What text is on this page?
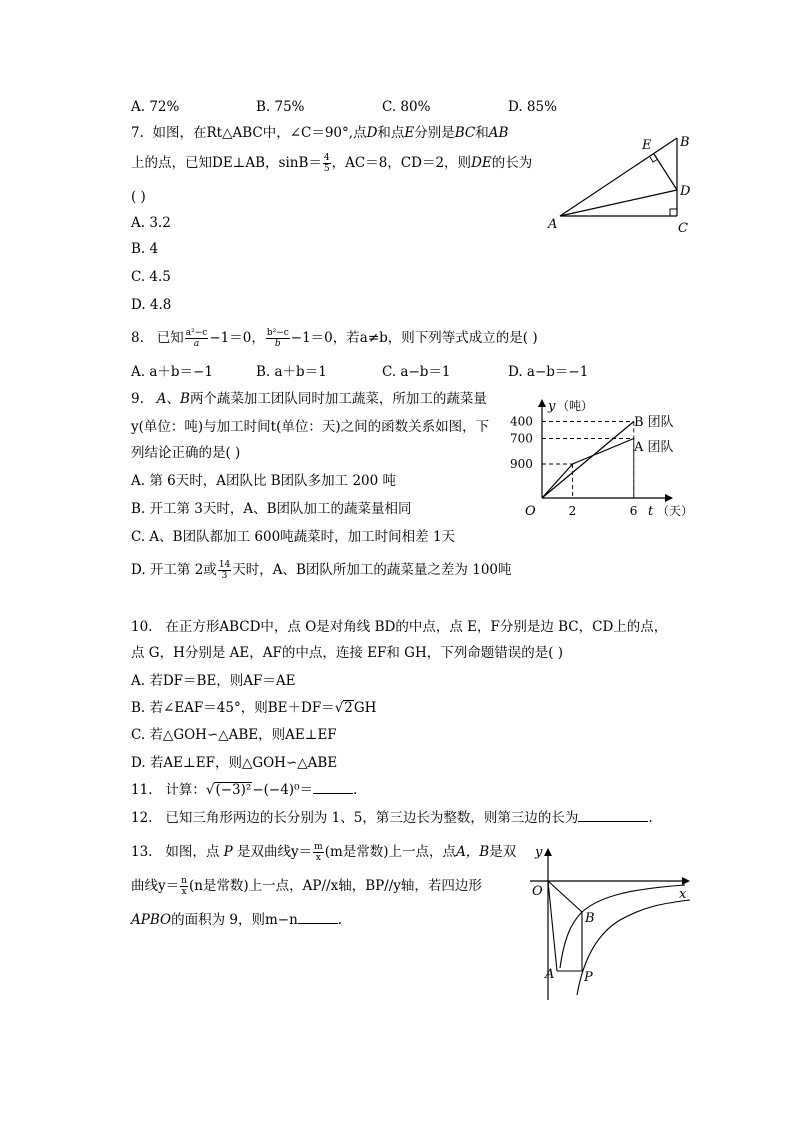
A. 72%	B. 75%	C. 80%	D. 85%
7. 如图，在Rt△ABC中，∠C＝90°,点D和点E分别是BC和AB
上的点，已知DE⊥AB，$\sin B= \frac{4}{5}$ ，AC＝8，CD＝2，则DE的长为
( )
A. 3.2
B. 4
C. 4.5
D. 4.8
A
B
C
D
E
8. 已知 $\frac{\text{a²−c}}{a} -1=0$， $\frac{\text{b²−c}}{b} -1=0$，若a≠b，则下列等式成立的是( )
A. a＋b＝−1	B. a＋b＝1	C. a−b＝1	D. a−b＝−1
9. A、B两个蔬菜加工团队同时加工蔬菜，所加工的蔬菜量
y(单位：吨)与加工时间t(单位：天)之间的函数关系如图，下
列结论正确的是( )
A. 第 6天时，A团队比 B团队多加工 200 吨
B. 开工第 3天时，A、B团队加工的蔬菜量相同
C. A、B团队都加工 600吨蔬菜时，加工时间相差 1天
D. 开工第 2或 $\frac{14}{3}$ 天时，A、B团队所加工的蔬菜量之差为 100吨
y （吨）
t （天）
O
900
700
400
2	6
B 团队
A 团队
10. 在正方形ABCD中，点 O是对角线 BD的中点，点 E，F分别是边 BC，CD上的点，
点 G，H分别是 AE，AF的中点，连接 EF和 GH，下列命题错误的是( )
A. 若DF＝BE，则AF＝AE
B. 若∠EAF＝45°，则BE＋DF＝√2GH
C. 若△GOH∽△ABE，则AE⊥EF
D. 若AE⊥EF，则△GOH∽△ABE
11. 计算：√(−3)²−(−4)⁰＝	.
12. 已知三角形两边的长分别为 1、5，第三边长为整数，则第三边的长为	.
13. 如图，点 P 是双曲线$y= \frac{m}{x} (m$是常数)上一点，点A，B是双
曲线$y= \frac{n}{x} (n$是常数)上一点，AP//x轴，BP//y轴，若四边形
APBO的面积为 9，则m−n	.
y
x
O
B
A P
